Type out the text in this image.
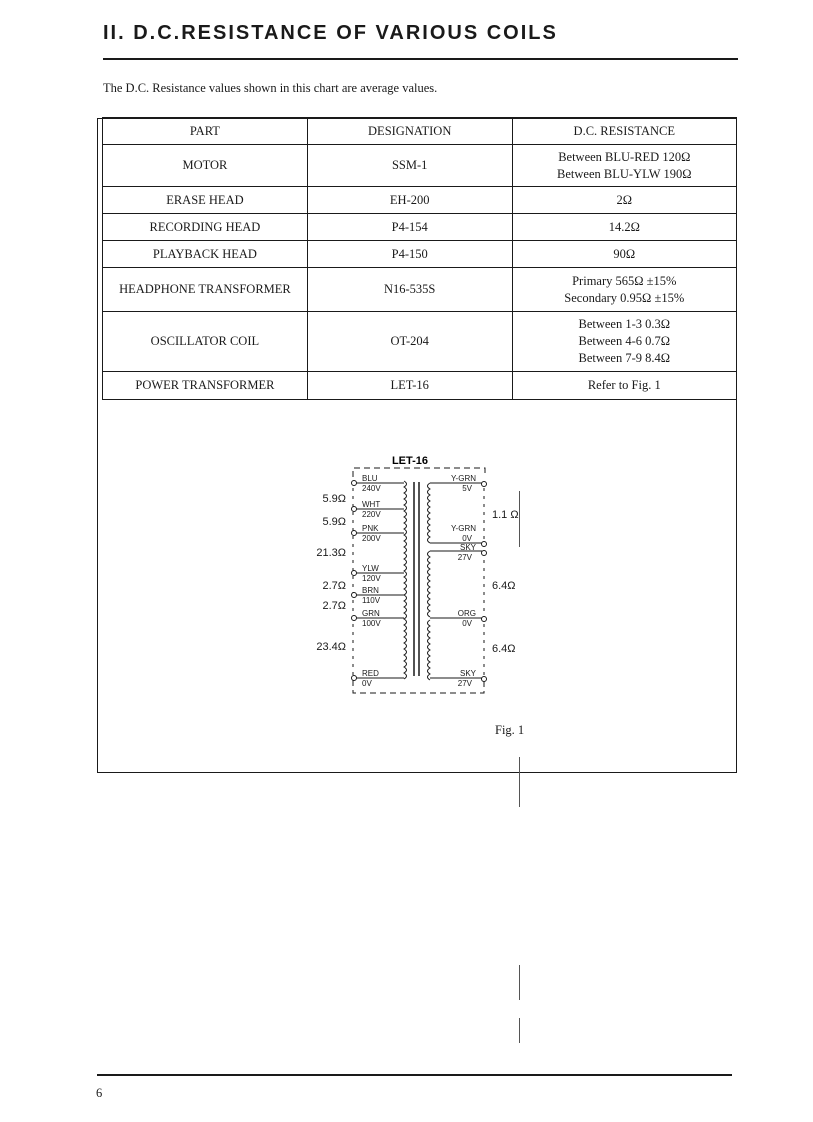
II. D.C.RESISTANCE OF VARIOUS COILS
The D.C. Resistance values shown in this chart are average values.
PART	DESIGNATION	D.C. RESISTANCE
MOTOR	SSM-1	Between BLU-RED 120Ω
Between BLU-YLW 190Ω

ERASE HEAD	EH-200	2Ω
RECORDING HEAD	P4-154	14.2Ω
PLAYBACK HEAD	P4-150	90Ω
HEADPHONE TRANSFORMER	N16-535S	Primary 565Ω ±15%
Secondary 0.95Ω ±15%

OSCILLATOR COIL	OT-204	Between 1-3 0.3Ω
Between 4-6 0.7Ω
Between 7-9 8.4Ω

POWER TRANSFORMER	LET-16	Refer to Fig. 1
LET-16
BLU
240V
WHT
220V
PNK
200V
YLW
120V
BRN
110V
GRN
100V
RED
0V
Y-GRN
5V
Y-GRN
0V
SKY
27V
ORG
0V
SKY
27V
5.9Ω
5.9Ω
21.3Ω
2.7Ω
2.7Ω
23.4Ω
1.1 Ω
6.4Ω
6.4Ω
Fig. 1
6
